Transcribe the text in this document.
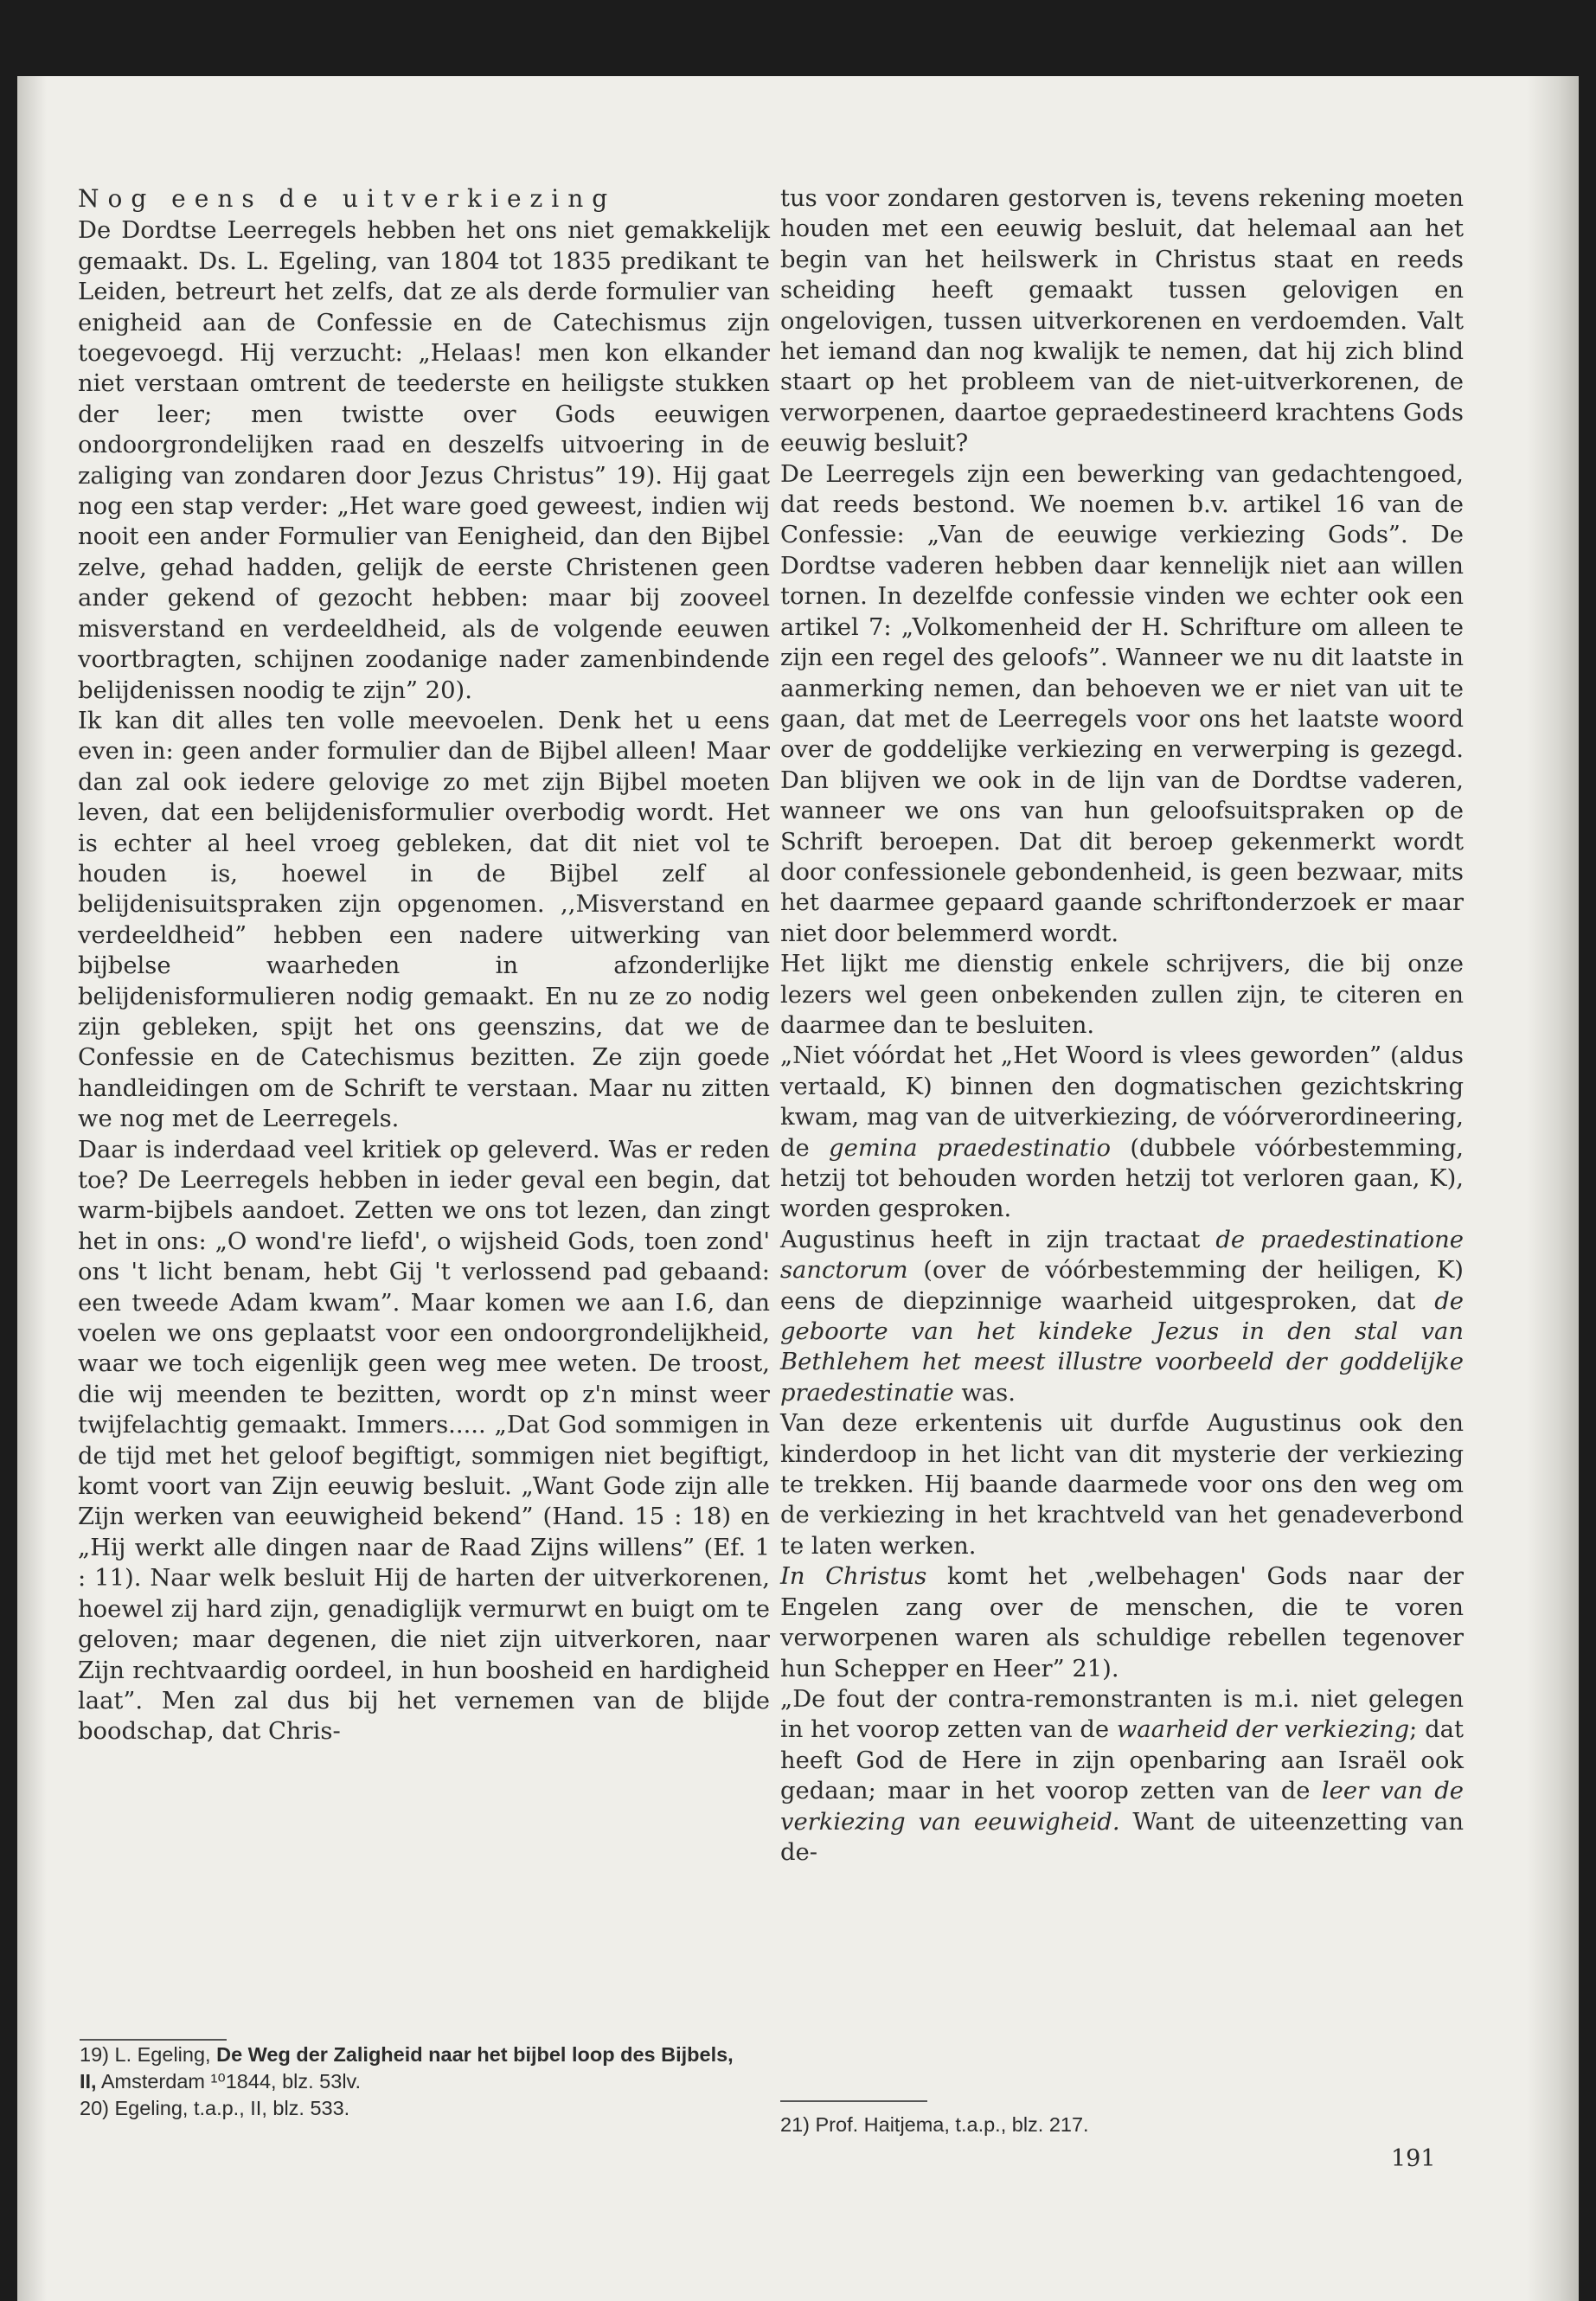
Nog eens de uitverkiezing

De Dordtse Leerregels hebben het ons niet gemakkelijk gemaakt. Ds. L. Egeling, van 1804 tot 1835 predikant te Leiden, betreurt het zelfs, dat ze als derde formulier van enigheid aan de Confessie en de Catechismus zijn toegevoegd. Hij verzucht: „Helaas! men kon elkander niet verstaan omtrent de teederste en heiligste stukken der leer; men twistte over Gods eeuwigen ondoorgrondelijken raad en deszelfs uitvoering in de zaliging van zondaren door Jezus Christus” 19). Hij gaat nog een stap verder: „Het ware goed geweest, indien wij nooit een ander Formulier van Eenigheid, dan den Bijbel zelve, gehad hadden, gelijk de eerste Christenen geen ander gekend of gezocht hebben: maar bij zooveel misverstand en verdeeldheid, als de volgende eeuwen voortbragten, schijnen zoodanige nader zamenbindende belijdenissen noodig te zijn” 20).

Ik kan dit alles ten volle meevoelen. Denk het u eens even in: geen ander formulier dan de Bijbel alleen! Maar dan zal ook iedere gelovige zo met zijn Bijbel moeten leven, dat een belijdenisformulier overbodig wordt. Het is echter al heel vroeg gebleken, dat dit niet vol te houden is, hoewel in de Bijbel zelf al belijdenisuitspraken zijn opgenomen. ,,Misverstand en verdeeldheid” hebben een nadere uitwerking van bijbelse waarheden in afzonderlijke belijdenisformulieren nodig gemaakt. En nu ze zo nodig zijn gebleken, spijt het ons geenszins, dat we de Confessie en de Catechismus bezitten. Ze zijn goede handleidingen om de Schrift te verstaan. Maar nu zitten we nog met de Leerregels.

Daar is inderdaad veel kritiek op geleverd. Was er reden toe? De Leerregels hebben in ieder geval een begin, dat warm-bijbels aandoet. Zetten we ons tot lezen, dan zingt het in ons: „O wond're liefd', o wijsheid Gods, toen zond' ons 't licht benam, hebt Gij 't verlossend pad gebaand: een tweede Adam kwam”. Maar komen we aan I.6, dan voelen we ons geplaatst voor een ondoorgrondelijkheid, waar we toch eigenlijk geen weg mee weten. De troost, die wij meenden te bezitten, wordt op z'n minst weer twijfelachtig gemaakt. Immers..... „Dat God sommigen in de tijd met het geloof begiftigt, sommigen niet begiftigt, komt voort van Zijn eeuwig besluit. „Want Gode zijn alle Zijn werken van eeuwigheid bekend” (Hand. 15 : 18) en „Hij werkt alle dingen naar de Raad Zijns willens” (Ef. 1 : 11). Naar welk besluit Hij de harten der uitverkorenen, hoewel zij hard zijn, genadiglijk vermurwt en buigt om te geloven; maar degenen, die niet zijn uitverkoren, naar Zijn rechtvaardig oordeel, in hun boosheid en hardigheid laat”. Men zal dus bij het vernemen van de blijde boodschap, dat Chris-

tus voor zondaren gestorven is, tevens rekening moeten houden met een eeuwig besluit, dat helemaal aan het begin van het heilswerk in Christus staat en reeds scheiding heeft gemaakt tussen gelovigen en ongelovigen, tussen uitverkorenen en verdoemden. Valt het iemand dan nog kwalijk te nemen, dat hij zich blind staart op het probleem van de niet-uitverkorenen, de verworpenen, daartoe gepraedestineerd krachtens Gods eeuwig besluit?

De Leerregels zijn een bewerking van gedachtengoed, dat reeds bestond. We noemen b.v. artikel 16 van de Confessie: „Van de eeuwige verkiezing Gods”. De Dordtse vaderen hebben daar kennelijk niet aan willen tornen. In dezelfde confessie vinden we echter ook een artikel 7: „Volkomenheid der H. Schrifture om alleen te zijn een regel des geloofs”. Wanneer we nu dit laatste in aanmerking nemen, dan behoeven we er niet van uit te gaan, dat met de Leerregels voor ons het laatste woord over de goddelijke verkiezing en verwerping is gezegd. Dan blijven we ook in de lijn van de Dordtse vaderen, wanneer we ons van hun geloofsuitspraken op de Schrift beroepen. Dat dit beroep gekenmerkt wordt door confessionele gebondenheid, is geen bezwaar, mits het daarmee gepaard gaande schriftonderzoek er maar niet door belemmerd wordt.

Het lijkt me dienstig enkele schrijvers, die bij onze lezers wel geen onbekenden zullen zijn, te citeren en daarmee dan te besluiten.

„Niet vóórdat het „Het Woord is vlees geworden” (aldus vertaald, K) binnen den dogmatischen gezichtskring kwam, mag van de uitverkiezing, de vóórverordineering, de gemina praedestinatio (dubbele vóórbestemming, hetzij tot behouden worden hetzij tot verloren gaan, K), worden gesproken.

Augustinus heeft in zijn tractaat de praedestinatione sanctorum (over de vóórbestemming der heiligen, K) eens de diepzinnige waarheid uitgesproken, dat de geboorte van het kindeke Jezus in den stal van Bethlehem het meest illustre voorbeeld der goddelijke praedestinatie was.

Van deze erkentenis uit durfde Augustinus ook den kinderdoop in het licht van dit mysterie der verkiezing te trekken. Hij baande daarmede voor ons den weg om de verkiezing in het krachtveld van het genadeverbond te laten werken.

In Christus komt het ,welbehagen' Gods naar der Engelen zang over de menschen, die te voren verworpenen waren als schuldige rebellen tegenover hun Schepper en Heer” 21).

„De fout der contra-remonstranten is m.i. niet gelegen in het voorop zetten van de waarheid der verkiezing; dat heeft God de Here in zijn openbaring aan Israël ook gedaan; maar in het voorop zetten van de leer van de verkiezing van eeuwigheid. Want de uiteenzetting van de-

19) L. Egeling, De Weg der Zaligheid naar het bijbel loop des Bijbels, II, Amsterdam ¹⁰1844, blz. 53lv.
20) Egeling, t.a.p., II, blz. 533.
21) Prof. Haitjema, t.a.p., blz. 217.
191
